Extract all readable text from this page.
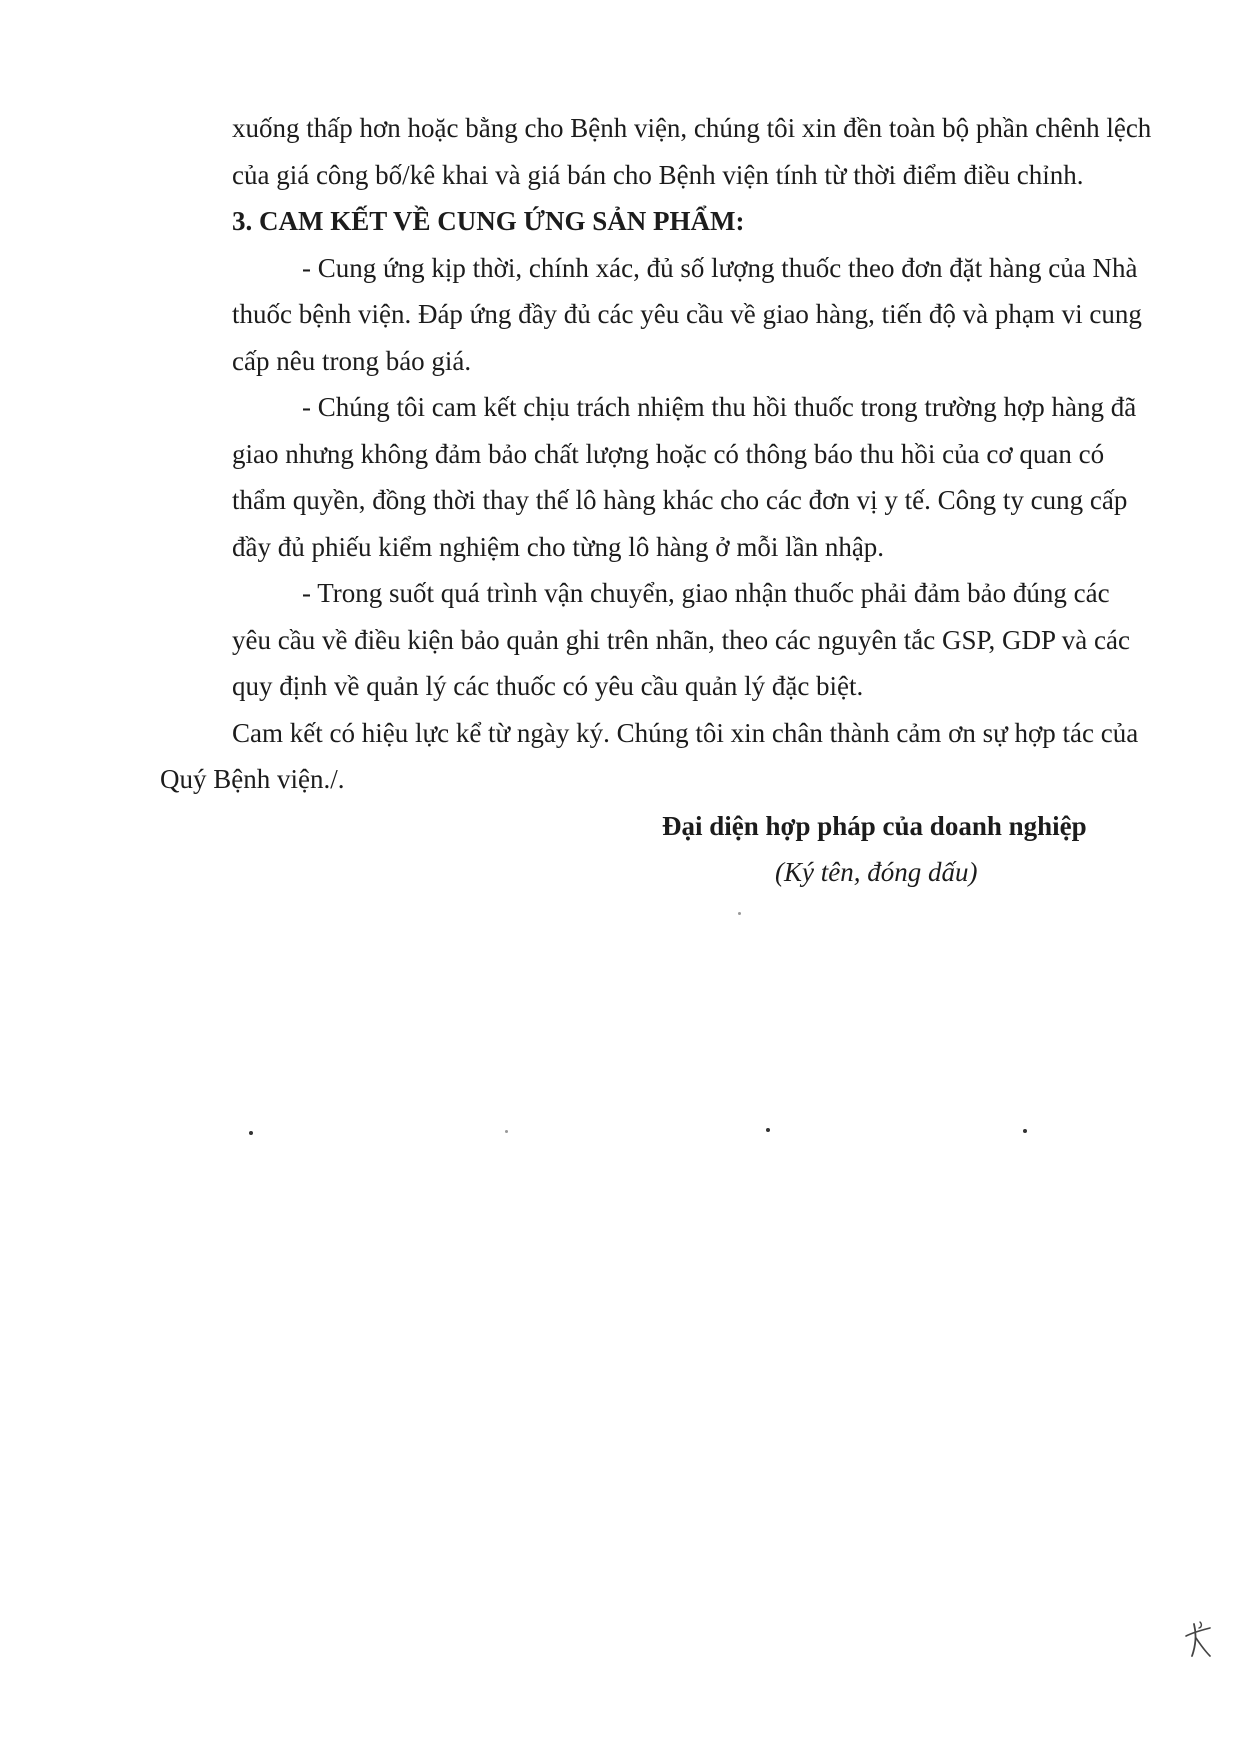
xuống thấp hơn hoặc bằng cho Bệnh viện, chúng tôi xin đền toàn bộ phần chênh lệch
của giá công bố/kê khai và giá bán cho Bệnh viện tính từ thời điểm điều chỉnh.
3. CAM KẾT VỀ CUNG ỨNG SẢN PHẨM:
- Cung ứng kịp thời, chính xác, đủ số lượng thuốc theo đơn đặt hàng của Nhà
thuốc bệnh viện. Đáp ứng đầy đủ các yêu cầu về giao hàng, tiến độ và phạm vi cung
cấp nêu trong báo giá.
- Chúng tôi cam kết chịu trách nhiệm thu hồi thuốc trong trường hợp hàng đã
giao nhưng không đảm bảo chất lượng hoặc có thông báo thu hồi của cơ quan có
thẩm quyền, đồng thời thay thế lô hàng khác cho các đơn vị y tế. Công ty cung cấp
đầy đủ phiếu kiểm nghiệm cho từng lô hàng ở mỗi lần nhập.
- Trong suốt quá trình vận chuyển, giao nhận thuốc phải đảm bảo đúng các
yêu cầu về điều kiện bảo quản ghi trên nhãn, theo các nguyên tắc GSP, GDP và các
quy định về quản lý các thuốc có yêu cầu quản lý đặc biệt.
Cam kết có hiệu lực kể từ ngày ký. Chúng tôi xin chân thành cảm ơn sự hợp tác của
Quý Bệnh viện./.
Đại diện hợp pháp của doanh nghiệp
(Ký tên, đóng dấu)
